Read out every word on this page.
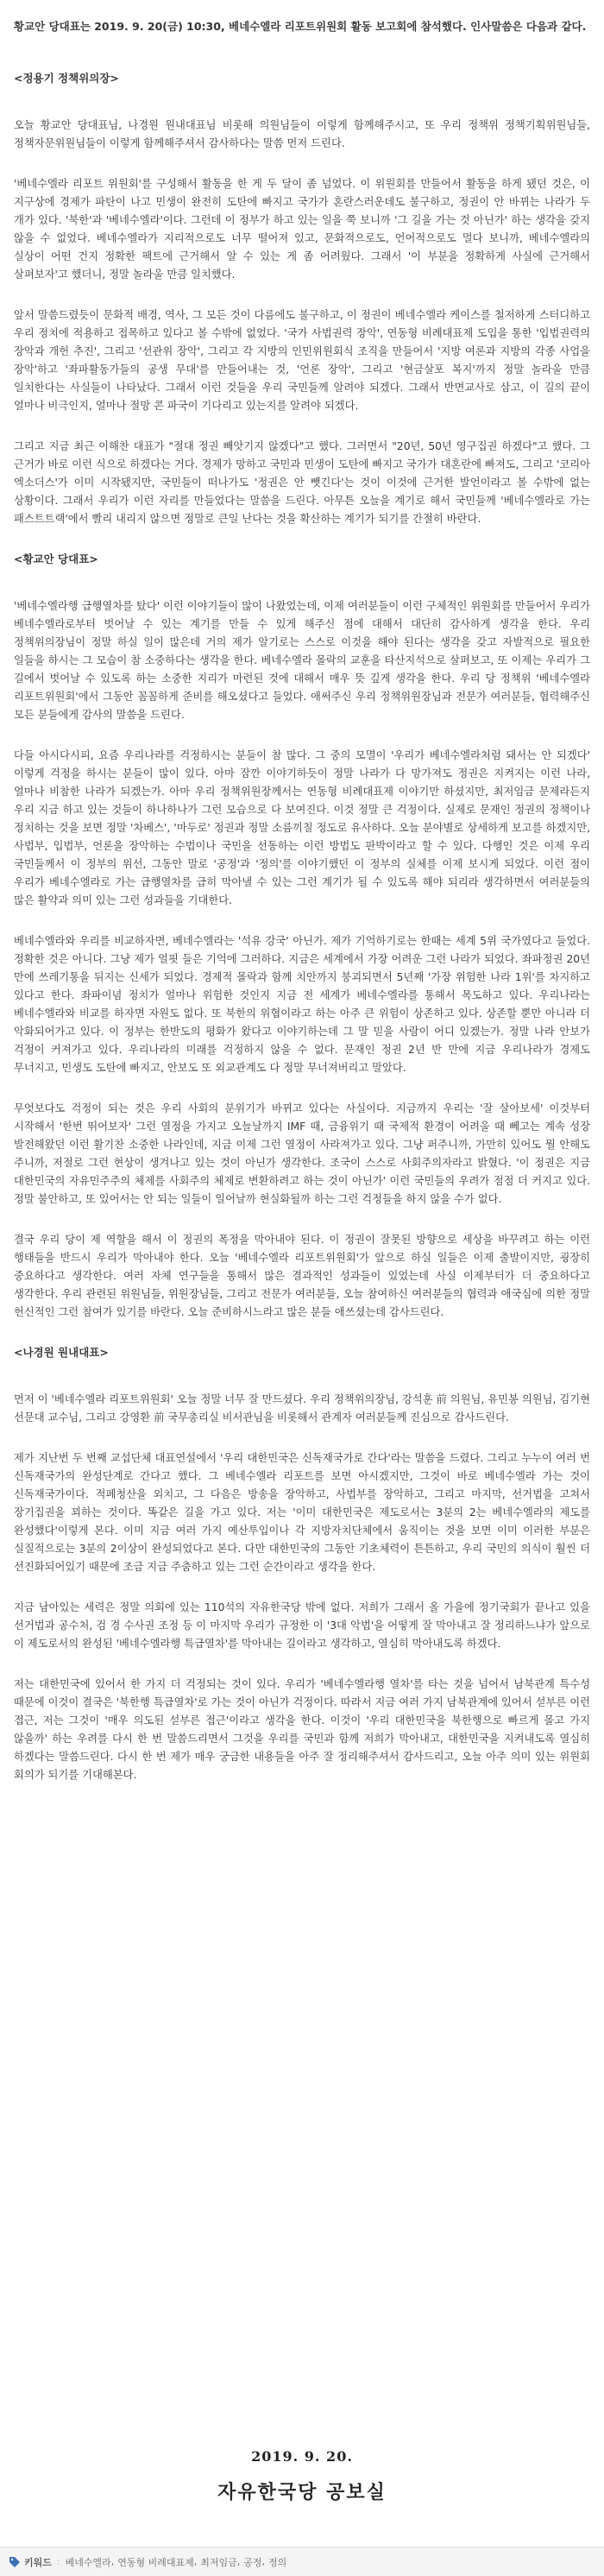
황교안 당대표는 2019. 9. 20(금) 10:30, 베네수엘라 리포트위원회 활동 보고회에 참석했다. 인사말씀은 다음과 같다.

<정용기 정책위의장>

오늘 황교안 당대표님, 나경원 원내대표님 비롯해 의원님들이 이렇게 함께해주시고, 또 우리 정책위 정책기획위원님들, 정책자문위원님들이 이렇게 함께해주셔서 감사하다는 말씀 먼저 드린다.

'베네수엘라 리포트 위원회'를 구성해서 활동을 한 게 두 달이 좀 넘었다. 이 위원회를 만들어서 활동을 하게 됐던 것은, 이 지구상에 경제가 파탄이 나고 민생이 완전히 도탄에 빠지고 국가가 혼란스러운데도 불구하고, 정권이 안 바뀌는 나라가 두 개가 있다. '북한'과 '베네수엘라'이다. 그런데 이 정부가 하고 있는 일을 쭉 보니까 '그 길을 가는 것 아닌가' 하는 생각을 갖지 않을 수 없었다. 베네수엘라가 지리적으로도 너무 떨어져 있고, 문화적으로도, 언어적으로도 멀다 보니까, 베네수엘라의 실상이 어떤 건지 정확한 팩트에 근거해서 알 수 있는 게 좀 어려웠다. 그래서 '이 부분을 정확하게 사실에 근거해서 살펴보자'고 했더니, 정말 놀라울 만큼 일치했다.

앞서 말씀드렸듯이 문화적 배경, 역사, 그 모든 것이 다름에도 불구하고, 이 정권이 베네수엘라 케이스를 철저하게 스터디하고 우리 정치에 적용하고 접목하고 있다고 볼 수밖에 없었다. '국가 사법권력 장악', 연동형 비례대표제 도입을 통한 '입법권력의 장악과 개헌 추진', 그리고 '선관위 장악', 그리고 각 지방의 인민위원회식 조직을 만들어서 '지방 여론과 지방의 각종 사업을 장악'하고 '좌파활동가들의 공생 무대'를 만들어내는 것, '언론 장악', 그리고 '현금살포 복지'까지 정말 놀라울 만큼 일치한다는 사실들이 나타났다. 그래서 이런 것들을 우리 국민들께 알려야 되겠다. 그래서 반면교사로 삼고, 이 길의 끝이 얼마나 비극인지, 얼마나 절망 콘 파국이 기다리고 있는지를 알려야 되겠다.

그리고 지금 최근 이해찬 대표가 "절대 정권 빼앗기지 않겠다"고 했다. 그러면서 "20년, 50년 영구집권 하겠다"고 했다. 그 근거가 바로 이런 식으로 하겠다는 거다. 경제가 망하고 국민과 민생이 도탄에 빠지고 국가가 대혼란에 빠져도, 그리고 '코리아 엑소더스'가 이미 시작됐지만, 국민들이 떠나가도 '정권은 안 뺏긴다'는 것이 이것에 근거한 발언이라고 볼 수밖에 없는 상황이다. 그래서 우리가 이런 자리를 만들었다는 말씀을 드린다. 아무튼 오늘을 계기로 해서 국민들께 '베네수엘라로 가는 패스트트랙'에서 빨리 내리지 않으면 정말로 큰일 난다는 것을 확산하는 계기가 되기를 간절히 바란다.

<황교안 당대표>

'베네수엘라행 급행열차를 탔다' 이런 이야기들이 많이 나왔었는데, 이제 여러분들이 이런 구체적인 위원회를 만들어서 우리가 베네수엘라로부터 벗어날 수 있는 계기를 만들 수 있게 해주신 점에 대해서 대단히 감사하게 생각을 한다. 우리 정책위의장님이 정말 하실 일이 많은데 거의 제가 알기로는 스스로 이것을 해야 된다는 생각을 갖고 자발적으로 필요한 일들을 하시는 그 모습이 참 소중하다는 생각을 한다. 베네수엘라 몰락의 교훈을 타산지석으로 살펴보고, 또 이제는 우리가 그 길에서 벗어날 수 있도록 하는 소중한 지리가 마련된 것에 대해서 매우 뜻 깊게 생각을 한다. 우리 당 정책위 '베네수엘라 리포트위원회'에서 그동안 꼼꼼하게 준비를 해오셨다고 들었다. 애써주신 우리 정책위원장님과 전문가 여러분들, 협력해주신 모든 분들에게 감사의 말씀을 드린다.

다들 아시다시피, 요즘 우리나라를 걱정하시는 분들이 참 많다. 그 중의 모멸이 '우리가 베네수엘라처럼 돼서는 안 되겠다' 이렇게 걱정을 하시는 분들이 많이 있다. 아마 잠깐 이야기하듯이 정말 나라가 다 망가져도 정권은 지켜지는 이런 나라, 얼마나 비참한 나라가 되겠는가. 아마 우리 정책위원장께서는 연동형 비례대표제 이야기만 하셨지만, 최저임금 문제라든지 우리 지금 하고 있는 것들이 하나하나가 그런 모습으로 다 보여진다. 이것 정말 큰 걱정이다. 실제로 문재인 정권의 정책이나 정치하는 것을 보면 정말 '차베스', '마두로' 정권과 정말 소름끼칠 정도로 유사하다. 오늘 분야별로 상세하게 보고를 하겠지만, 사법부, 입법부, 언론을 장악하는 수법이나 국민을 선동하는 이런 방법도 판박이라고 할 수 있다. 다행인 것은 이제 우리 국민들께서 이 정부의 위선, 그동안 말로 '공정'과 '정의'를 이야기했던 이 정부의 실체를 이제 보시게 되었다. 이런 점이 우리가 베네수엘라로 가는 급행열차를 급히 막아낼 수 있는 그런 계기가 될 수 있도록 해야 되리라 생각하면서 여러분들의 많은 활약과 의미 있는 그런 성과들을 기대한다.

베네수엘라와 우리를 비교하자면, 베네수엘라는 '석유 강국' 아닌가. 제가 기억하기로는 한때는 세계 5위 국가였다고 들었다. 정확한 것은 아니다. 그냥 제가 얼핏 들은 기억에 그러하다. 지금은 세계에서 가장 어려운 그런 나라가 되었다. 좌파정권 20년 만에 쓰레기통을 뒤지는 신세가 되었다. 경제적 몰락과 함께 치안까지 붕괴되면서 5년째 '가장 위험한 나라 1위'를 차지하고 있다고 한다. 좌파이념 정치가 얼마나 위험한 것인지 지금 전 세계가 베네수엘라를 통해서 목도하고 있다. 우리나라는 베네수엘라와 비교를 하자면 자원도 없다. 또 북한의 위협이라고 하는 아주 큰 위험이 상존하고 있다. 상존할 뿐만 아니라 더 악화되어가고 있다. 이 정부는 한반도의 평화가 왔다고 이야기하는데 그 말 믿을 사람이 어디 있겠는가. 정말 나라 안보가 걱정이 커져가고 있다. 우리나라의 미래를 걱정하지 않을 수 없다. 문재인 정권 2년 반 만에 지금 우리나라가 경제도 무너지고, 민생도 도탄에 빠지고, 안보도 또 외교관계도 다 정말 무너져버리고 말았다.

무엇보다도 걱정이 되는 것은 우리 사회의 분위기가 바뀌고 있다는 사실이다. 지금까지 우리는 '잘 살아보세' 이것부터 시작해서 '한번 뛰어보자' 그런 열정을 가지고 오늘날까지 IMF 때, 금융위기 때 국제적 환경이 어려울 때 뻬고는 계속 성장 발전해왔던 이런 활기찬 소중한 나라인데, 지금 이제 그런 열정이 사라져가고 있다. 그냥 퍼주니까, 가만히 있어도 뭘 안해도 주니까, 저절로 그런 현상이 생겨나고 있는 것이 아닌가 생각한다. 조국이 스스로 사회주의자라고 밝혔다. '이 정권은 지금 대한민국의 자유민주주의 체제를 사회주의 체제로 변환하려고 하는 것이 아닌가' 이런 국민들의 우려가 점점 더 커지고 있다. 정말 불안하고, 또 있어서는 안 되는 일들이 일어날까 현실화될까 하는 그런 걱정들을 하지 않을 수가 없다.

결국 우리 당이 제 역할을 해서 이 정권의 폭정을 막아내야 된다. 이 정권이 잘못된 방향으로 세상을 바꾸려고 하는 이런 행태들을 반드시 우리가 막아내야 한다. 오늘 '베네수엘라 리포트위원회'가 앞으로 하실 일들은 이제 출발이지만, 굉장히 중요하다고 생각한다. 여러 자체 연구들을 통해서 많은 결과적인 성과들이 있었는데 사실 이제부터가 더 중요하다고 생각한다. 우리 관련된 위원님들, 위원장님들, 그리고 전문가 여러분들, 오늘 참여하신 여러분들의 협력과 애국심에 의한 정말 헌신적인 그런 참여가 있기를 바란다. 오늘 준비하시느라고 많은 분들 애쓰셨는데 감사드린다.

<나경원 원내대표>

먼저 이 '베네수엘라 리포트위원회' 오늘 정말 너무 잘 만드셨다. 우리 정책위의장님, 강석훈 前 의원님, 유민봉 의원님, 김기현 선문대 교수님, 그리고 강영환 前 국무총리실 비서관님을 비롯해서 관계자 여러분들께 진심으로 감사드린다.

제가 지난번 두 번째 교섭단체 대표연설에서 '우리 대한민국은 신독재국가로 간다'라는 말씀을 드렸다. 그리고 누누이 여러 번 신독재국가의 완성단계로 간다고 했다. 그 베네수엘라 리포트를 보면 아시겠지만, 그것이 바로 베네수엘라 가는 것이 신독재국가이다. 적폐청산을 외치고, 그 다음은 방송을 장악하고, 사법부를 장악하고, 그리고 마지막, 선거법을 고쳐서 장기집권을 꾀하는 것이다. 똑같은 길을 가고 있다. 저는 '이미 대한민국은 제도로서는 3분의 2는 베네수엘라의 제도를 완성했다'이렇게 본다. 이미 지금 여러 가지 예산투입이나 각 지방자치단체에서 움직이는 것을 보면 이미 이러한 부분은 실질적으로는 3분의 2이상이 완성되었다고 본다. 다만 대한민국의 그동안 기초체력이 튼튼하고, 우리 국민의 의식이 훨씬 더 선진화되어있기 때문에 조금 지금 주춤하고 있는 그런 순간이라고 생각을 한다.

지금 남아있는 세력은 정말 의회에 있는 110석의 자유한국당 밖에 없다. 저희가 그래서 올 가을에 정기국회가 끝나고 있을 선거법과 공수처, 검 경 수사권 조정 등 이 마지막 우리가 규정한 이 '3대 악법'을 어떻게 잘 막아내고 잘 정리하느냐가 앞으로 이 제도로서의 완성된 '베네수엘라행 특급열차'를 막아내는 길이라고 생각하고, 열심히 막아내도록 하겠다.

저는 대한민국에 있어서 한 가지 더 걱정되는 것이 있다. 우리가 '베네수엘라행 열차'를 타는 것을 넘어서 남북관계 특수성 때문에 이것이 결국은 '북한행 특급열차'로 가는 것이 아닌가 걱정이다. 따라서 지금 여러 가지 남북관계에 있어서 섣부른 이런 접근, 저는 그것이 '매우 의도된 섣부른 접근'이라고 생각을 한다. 이것이 '우리 대한민국을 북한행으로 빠르게 몰고 가지 않을까' 하는 우려를 다시 한 번 말씀드리면서 그것을 우리를 국민과 함께 저희가 막아내고, 대한민국을 지켜내도록 열심히 하겠다는 말씀드린다. 다시 한 번 제가 매우 궁금한 내용들을 아주 잘 정리해주셔서 감사드리고, 오늘 아주 의미 있는 위원회 회의가 되기를 기대해본다.

2019. 9. 20.
자유한국당 공보실
키워드 : 베네수엘라 , 연동형 비례대표제 , 최저임금 , 공정 , 정의
